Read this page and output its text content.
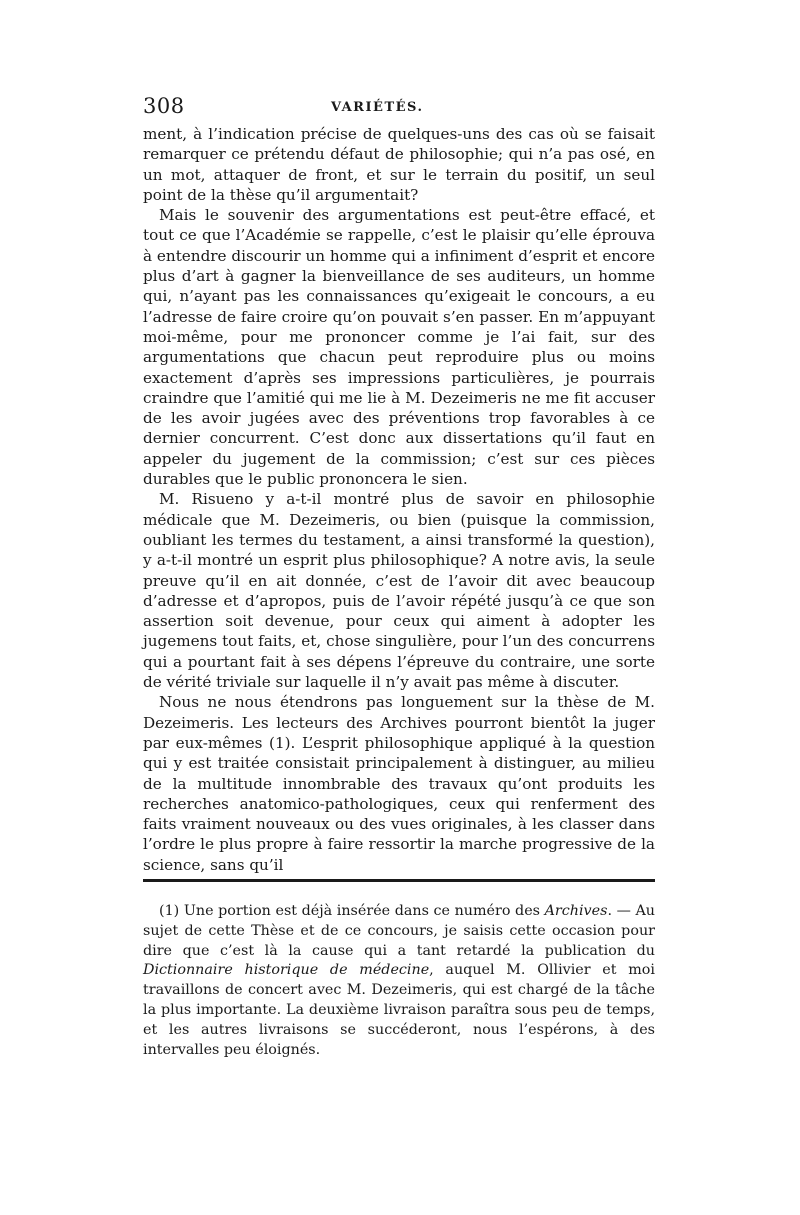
308	VARIÉTÉS.

ment, à l’indication précise de quelques-uns des cas où se faisait remarquer ce prétendu défaut de philosophie; qui n’a pas osé, en un mot, attaquer de front, et sur le terrain du positif, un seul point de la thèse qu’il argumentait?

Mais le souvenir des argumentations est peut-être effacé, et tout ce que l’Académie se rappelle, c’est le plaisir qu’elle éprouva à entendre discourir un homme qui a infiniment d’esprit et encore plus d’art à gagner la bienveillance de ses auditeurs, un homme qui, n’ayant pas les connaissances qu’exigeait le concours, a eu l’adresse de faire croire qu’on pouvait s’en passer. En m’appuyant moi-même, pour me prononcer comme je l’ai fait, sur des argumentations que chacun peut reproduire plus ou moins exactement d’après ses impressions particulières, je pourrais craindre que l’amitié qui me lie à M. Dezeimeris ne me fit accuser de les avoir jugées avec des préventions trop favorables à ce dernier concurrent. C’est donc aux dissertations qu’il faut en appeler du jugement de la commission; c’est sur ces pièces durables que le public prononcera le sien.

M. Risueno y a-t-il montré plus de savoir en philosophie médicale que M. Dezeimeris, ou bien (puisque la commission, oubliant les termes du testament, a ainsi transformé la question), y a-t-il montré un esprit plus philosophique? A notre avis, la seule preuve qu’il en ait donnée, c’est de l’avoir dit avec beaucoup d’adresse et d’apropos, puis de l’avoir répété jusqu’à ce que son assertion soit devenue, pour ceux qui aiment à adopter les jugemens tout faits, et, chose singulière, pour l’un des concurrens qui a pourtant fait à ses dépens l’épreuve du contraire, une sorte de vérité triviale sur laquelle il n’y avait pas même à discuter.

Nous ne nous étendrons pas longuement sur la thèse de M. Dezeimeris. Les lecteurs des Archives pourront bientôt la juger par eux-mêmes (1). L’esprit philosophique appliqué à la question qui y est traitée consistait principalement à distinguer, au milieu de la multitude innombrable des travaux qu’ont produits les recherches anatomico-pathologiques, ceux qui renferment des faits vraiment nouveaux ou des vues originales, à les classer dans l’ordre le plus propre à faire ressortir la marche progressive de la science, sans qu’il

(1) Une portion est déjà insérée dans ce numéro des Archives. — Au sujet de cette Thèse et de ce concours, je saisis cette occasion pour dire que c’est là la cause qui a tant retardé la publication du Dictionnaire historique de médecine, auquel M. Ollivier et moi travaillons de concert avec M. Dezeimeris, qui est chargé de la tâche la plus importante. La deuxième livraison paraîtra sous peu de temps, et les autres livraisons se succéderont, nous l’espérons, à des intervalles peu éloignés.
